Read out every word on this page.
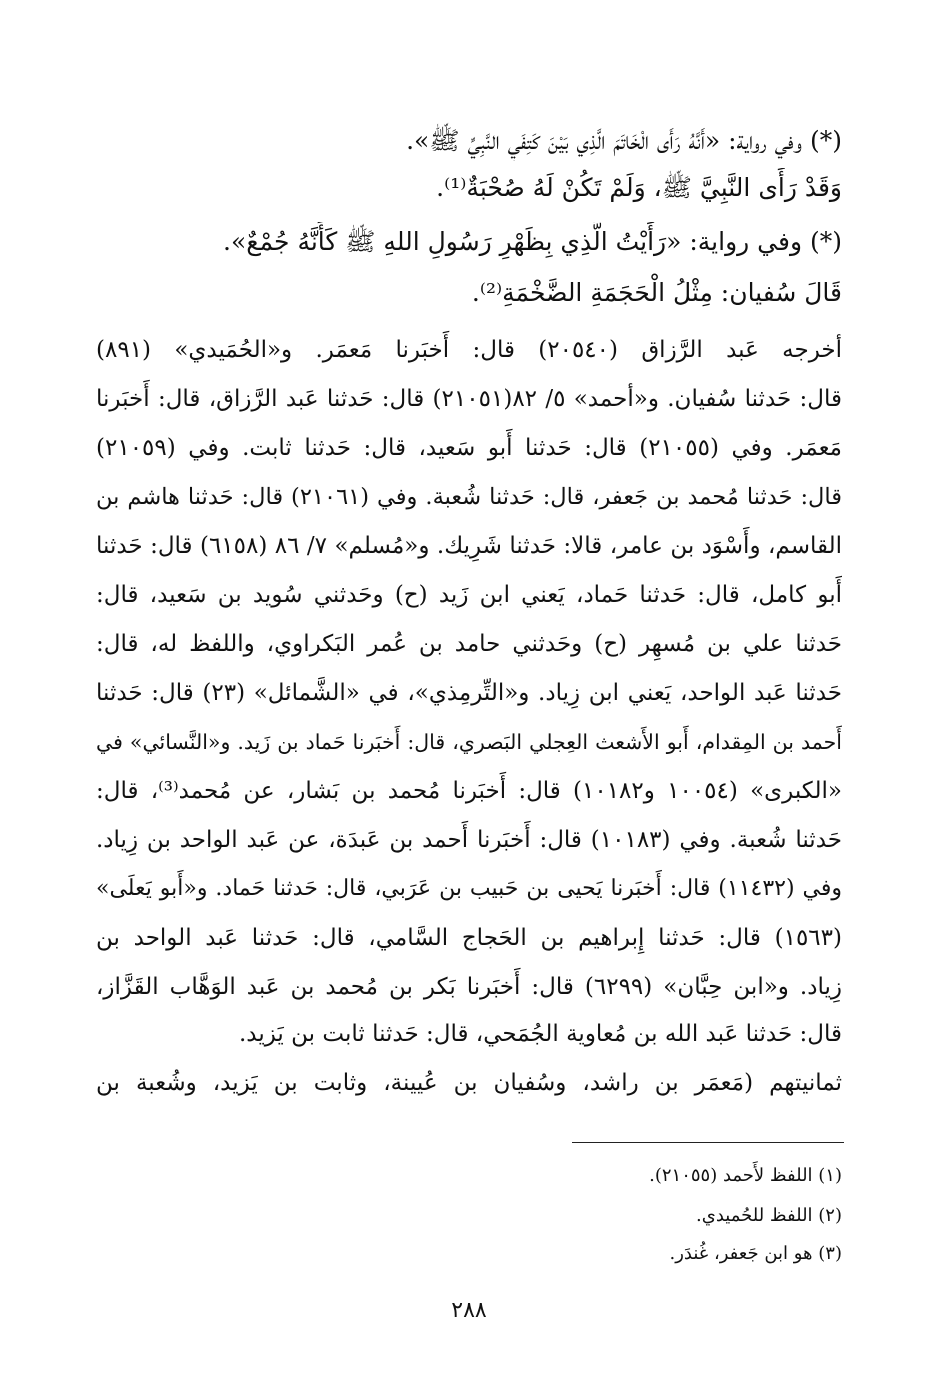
(*) وفي رواية: «أَنَّهُ رَأَى الْخَاتَمَ الَّذِي بَيْنَ كَتِفَيِ النَّبِيِّ ﷺ».
وَقَدْ رَأَى النَّبِيَّ ﷺ، وَلَمْ تَكُنْ لَهُ صُحْبَةٌ⁽¹⁾.
(*) وفي رواية: «رَأَيْتُ الَّذِي بِظَهْرِ رَسُولِ اللهِ ﷺ كَأَنَّهُ جُمْعٌ».
قَالَ سُفيان: مِثْلُ الْحَجَمَةِ الضَّخْمَةِ⁽²⁾.
أخرجه عَبد الرَّزاق (٢٠٥٤٠) قال: أَخبَرنا مَعمَر. و«الحُمَيدي» (٨٩١)
قال: حَدثنا سُفيان. و«أحمد» ٥/ ٨٢(٢١٠٥١) قال: حَدثنا عَبد الرَّزاق، قال: أَخبَرنا
مَعمَر. وفي (٢١٠٥٥) قال: حَدثنا أَبو سَعيد، قال: حَدثنا ثابت. وفي (٢١٠٥٩)
قال: حَدثنا مُحمد بن جَعفر، قال: حَدثنا شُعبة. وفي (٢١٠٦١) قال: حَدثنا هاشم بن
القاسم، وأَسْوَد بن عامر، قالا: حَدثنا شَرِيك. و«مُسلم» ٧/ ٨٦ (٦١٥٨) قال: حَدثنا
أَبو كامل، قال: حَدثنا حَماد، يَعني ابن زَيد (ح) وحَدثني سُويد بن سَعيد، قال:
حَدثنا علي بن مُسهِر (ح) وحَدثني حامد بن عُمر البَكراوي، واللفظ له، قال:
حَدثنا عَبد الواحد، يَعني ابن زِياد. و«التِّرمِذي»، في «الشَّمائل» (٢٣) قال: حَدثنا
أَحمد بن المِقدام، أَبو الأَشعث العِجلي البَصري، قال: أَخبَرنا حَماد بن زَيد. و«النَّسائي» في
«الكبرى» (١٠٠٥٤ و١٠١٨٢) قال: أَخبَرنا مُحمد بن بَشار، عن مُحمد⁽³⁾، قال:
حَدثنا شُعبة. وفي (١٠١٨٣) قال: أَخبَرنا أَحمد بن عَبدَة، عن عَبد الواحد بن زِياد.
وفي (١١٤٣٢) قال: أَخبَرنا يَحيى بن حَبيب بن عَرَبي، قال: حَدثنا حَماد. و«أَبو يَعلَى»
(١٥٦٣) قال: حَدثنا إِبراهيم بن الحَجاج السَّامي، قال: حَدثنا عَبد الواحد بن
زِياد. و«ابن حِبَّان» (٦٢٩٩) قال: أَخبَرنا بَكر بن مُحمد بن عَبد الوَهَّاب القَزَّاز،
قال: حَدثنا عَبد الله بن مُعاوية الجُمَحي، قال: حَدثنا ثابت بن يَزيد.
ثمانيتهم (مَعمَر بن راشد، وسُفيان بن عُيينة، وثابت بن يَزيد، وشُعبة بن
(١) اللفظ لأَحمد (٢١٠٥٥).
(٢) اللفظ للحُميدي.
(٣) هو ابن جَعفر، غُندَر.
٢٨٨
